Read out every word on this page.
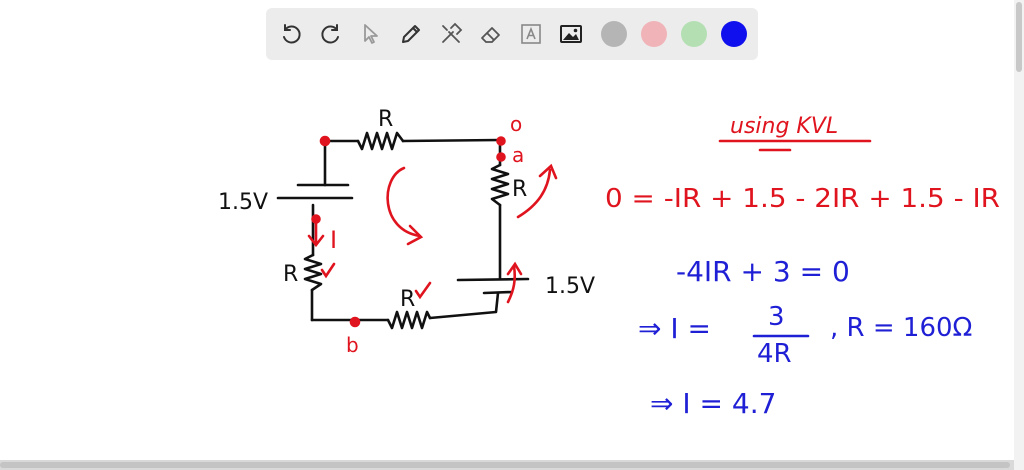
R
R
R
R
1.5V
1.5V
I
o
a
b
using KVL
0 = -IR + 1.5 - 2IR + 1.5 - IR
-4IR + 3 = 0
⇒ I = 3
4R
, R = 160Ω
⇒ I = 4.7
